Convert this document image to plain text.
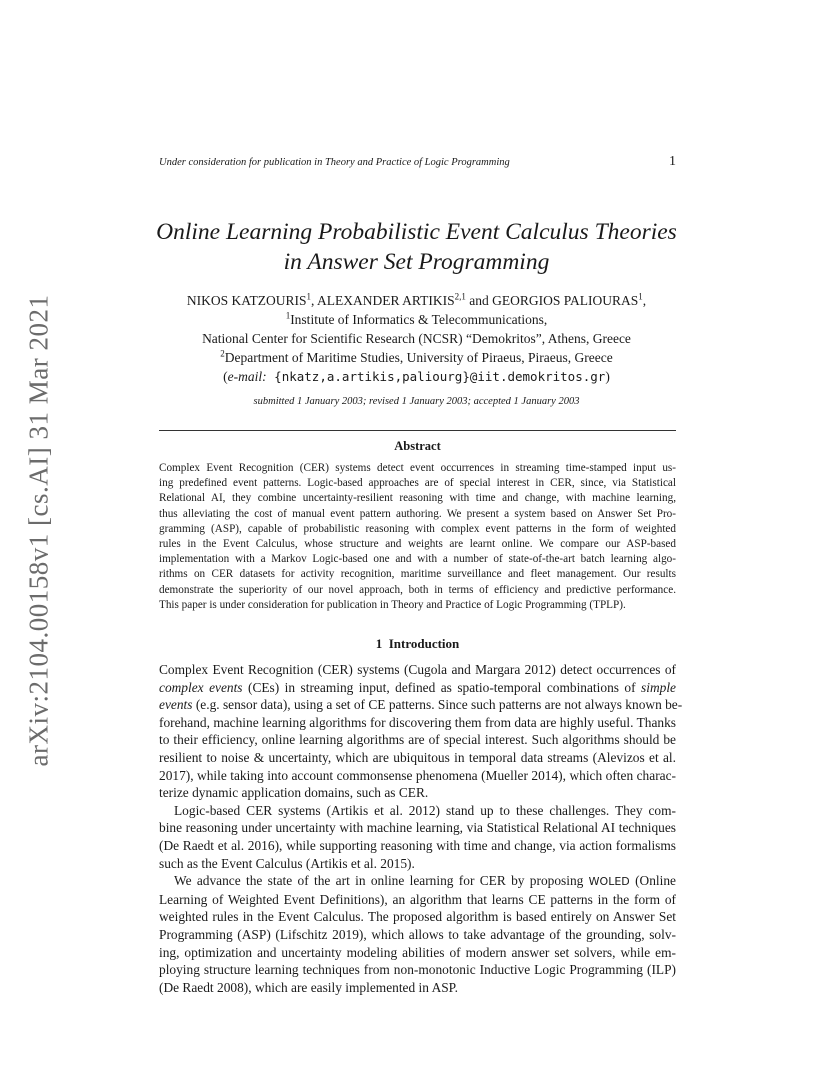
arXiv:2104.00158v1 [cs.AI] 31 Mar 2021
Under consideration for publication in Theory and Practice of Logic Programming	1
Online Learning Probabilistic Event Calculus Theories
in Answer Set Programming
NIKOS KATZOURIS$^1$, ALEXANDER ARTIKIS$^{2,1}$ and GEORGIOS PALIOURAS$^1$,
$^1$Institute of Informatics & Telecommunications,
National Center for Scientific Research (NCSR) “Demokritos”, Athens, Greece
$^2$Department of Maritime Studies, University of Piraeus, Piraeus, Greece
(e-mail: {nkatz,a.artikis,paliourg}@iit.demokritos.gr)
submitted 1 January 2003; revised 1 January 2003; accepted 1 January 2003
Abstract
Complex Event Recognition (CER) systems detect event occurrences in streaming time-stamped input us-
ing predefined event patterns. Logic-based approaches are of special interest in CER, since, via Statistical
Relational AI, they combine uncertainty-resilient reasoning with time and change, with machine learning,
thus alleviating the cost of manual event pattern authoring. We present a system based on Answer Set Pro-
gramming (ASP), capable of probabilistic reasoning with complex event patterns in the form of weighted
rules in the Event Calculus, whose structure and weights are learnt online. We compare our ASP-based
implementation with a Markov Logic-based one and with a number of state-of-the-art batch learning algo-
rithms on CER datasets for activity recognition, maritime surveillance and fleet management. Our results
demonstrate the superiority of our novel approach, both in terms of efficiency and predictive performance.
This paper is under consideration for publication in Theory and Practice of Logic Programming (TPLP).
1 Introduction
Complex Event Recognition (CER) systems (Cugola and Margara 2012) detect occurrences of
complex events (CEs) in streaming input, defined as spatio-temporal combinations of simple
events (e.g. sensor data), using a set of CE patterns. Since such patterns are not always known be-
forehand, machine learning algorithms for discovering them from data are highly useful. Thanks
to their efficiency, online learning algorithms are of special interest. Such algorithms should be
resilient to noise & uncertainty, which are ubiquitous in temporal data streams (Alevizos et al.
2017), while taking into account commonsense phenomena (Mueller 2014), which often charac-
terize dynamic application domains, such as CER.
Logic-based CER systems (Artikis et al. 2012) stand up to these challenges. They com-
bine reasoning under uncertainty with machine learning, via Statistical Relational AI techniques
(De Raedt et al. 2016), while supporting reasoning with time and change, via action formalisms
such as the Event Calculus (Artikis et al. 2015).
We advance the state of the art in online learning for CER by proposing WOLED (Online
Learning of Weighted Event Definitions), an algorithm that learns CE patterns in the form of
weighted rules in the Event Calculus. The proposed algorithm is based entirely on Answer Set
Programming (ASP) (Lifschitz 2019), which allows to take advantage of the grounding, solv-
ing, optimization and uncertainty modeling abilities of modern answer set solvers, while em-
ploying structure learning techniques from non-monotonic Inductive Logic Programming (ILP)
(De Raedt 2008), which are easily implemented in ASP.
